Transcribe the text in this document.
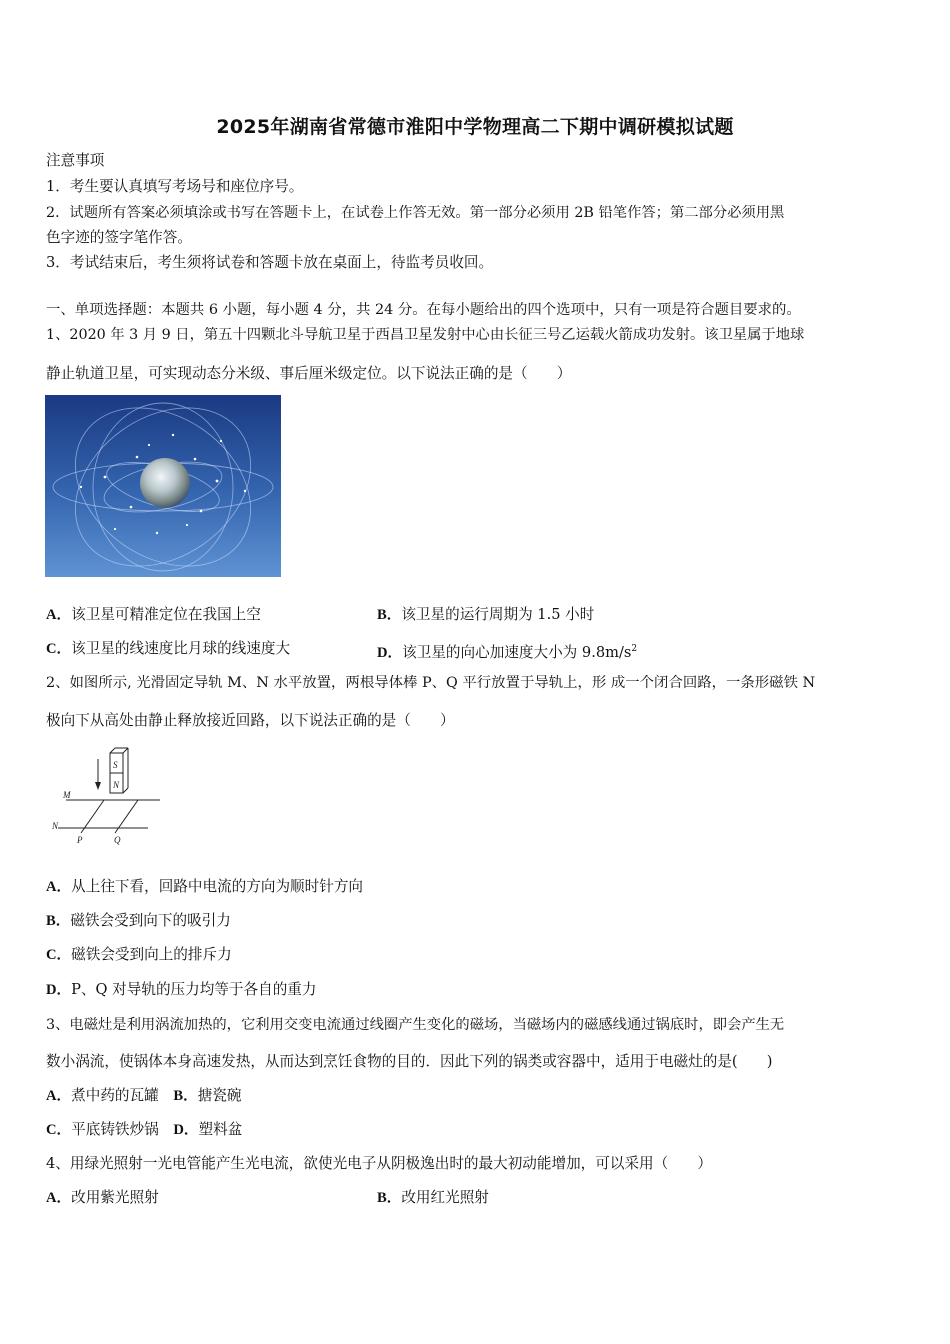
2025年湖南省常德市淮阳中学物理高二下期中调研模拟试题
注意事项
1．考生要认真填写考场号和座位序号。
2．试题所有答案必须填涂或书写在答题卡上，在试卷上作答无效。第一部分必须用 2B 铅笔作答；第二部分必须用黑
色字迹的签字笔作答。
3．考试结束后，考生须将试卷和答题卡放在桌面上，待监考员收回。
一、单项选择题：本题共 6 小题，每小题 4 分，共 24 分。在每小题给出的四个选项中，只有一项是符合题目要求的。
1、2020 年 3 月 9 日，第五十四颗北斗导航卫星于西昌卫星发射中心由长征三号乙运载火箭成功发射。该卫星属于地球
静止轨道卫星，可实现动态分米级、事后厘米级定位。以下说法正确的是（　　）
A．该卫星可精准定位在我国上空	B．该卫星的运行周期为 1.5 小时
C．该卫星的线速度比月球的线速度大	D．该卫星的向心加速度大小为 $9.8m/s^2$
2、如图所示, 光滑固定导轨 M、N 水平放置，两根导体棒 P、Q 平行放置于导轨上，形 成一个闭合回路，一条形磁铁 N
极向下从高处由静止释放接近回路，以下说法正确的是（　　）
S
N
M
N
P	Q
A．从上往下看，回路中电流的方向为顺时针方向
B．磁铁会受到向下的吸引力
C．磁铁会受到向上的排斥力
D．P、Q 对导轨的压力均等于各自的重力
3、电磁灶是利用涡流加热的，它利用交变电流通过线圈产生变化的磁场，当磁场内的磁感线通过锅底时，即会产生无
数小涡流，使锅体本身高速发热，从而达到烹饪食物的目的．因此下列的锅类或容器中，适用于电磁灶的是(　　)
A．煮中药的瓦罐 B．搪瓷碗
C．平底铸铁炒锅 D．塑料盆
4、用绿光照射一光电管能产生光电流，欲使光电子从阴极逸出时的最大初动能增加，可以采用（　　）
A．改用紫光照射	B．改用红光照射
